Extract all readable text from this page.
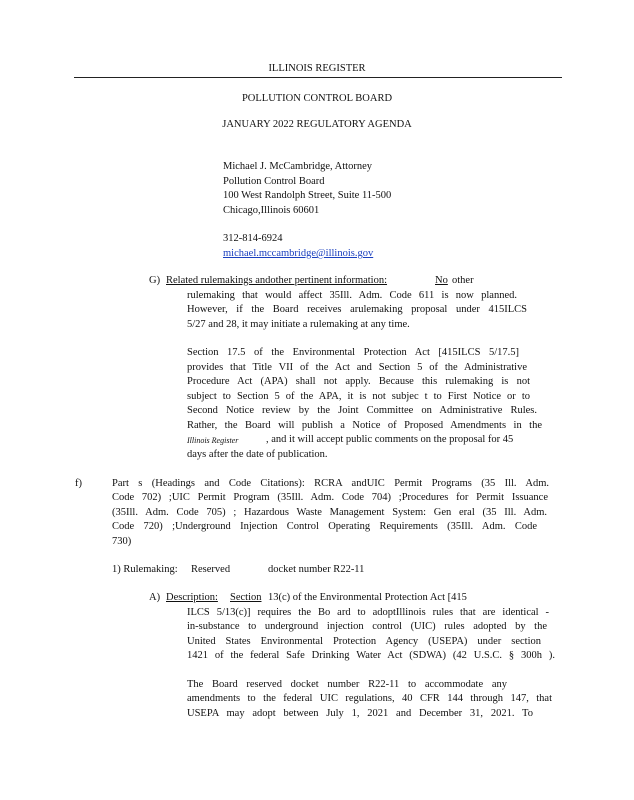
ILLINOIS REGISTER
POLLUTION CONTROL BOARD
JANUARY 2022 REGULATORY AGENDA
Michael J. McCambridge, Attorney
Pollution Control Board
100 West Randolph Street, Suite 11-500
Chicago,Illinois 60601
312-814-6924
michael.mccambridge@illinois.gov
G) Related rulemakings andother pertinent information:	No other
rulemaking that would affect 35Ill. Adm. Code 611 is now planned.
However, if the Board receives arulemaking proposal under 415ILCS
5/27 and 28, it may initiate a rulemaking at any time.
Section 17.5 of the Environmental Protection Act [415ILCS 5/17.5]
provides that Title VII of the Act and Section 5 of the Administrative
Procedure Act (APA) shall not apply. Because this rulemaking is not
subject to Section 5 of the APA, it is not subjec t to First Notice or to
Second Notice review by the Joint Committee on Administrative Rules.
Rather, the Board will publish a Notice of Proposed Amendments in the
Illinois Register	, and it will accept public comments on the proposal for 45
days after the date of publication.
f)	Part s (Headings and Code Citations): RCRA andUIC Permit Programs (35 Ill. Adm.
Code 702) ;UIC Permit Program (35Ill. Adm. Code 704) ;Procedures for Permit Issuance
(35Ill. Adm. Code 705) ; Hazardous Waste Management System: Gen eral (35 Ill. Adm.
Code 720) ;Underground Injection Control Operating Requirements (35Ill. Adm. Code
730)
1) Rulemaking: Reserved	docket number R22-11
A) Description: Section 13(c) of the Environmental Protection Act [415
ILCS 5/13(c)] requires the Bo ard to adoptIllinois rules that are identical -
in-substance to underground injection control (UIC) rules adopted by the
United States Environmental Protection Agency (USEPA) under section
1421 of the federal Safe Drinking Water Act (SDWA) (42 U.S.C. § 300h ).
The Board reserved docket number R22-11 to accommodate any
amendments to the federal UIC regulations, 40 CFR 144 through 147, that
USEPA may adopt between July 1, 2021 and December 31, 2021. To
